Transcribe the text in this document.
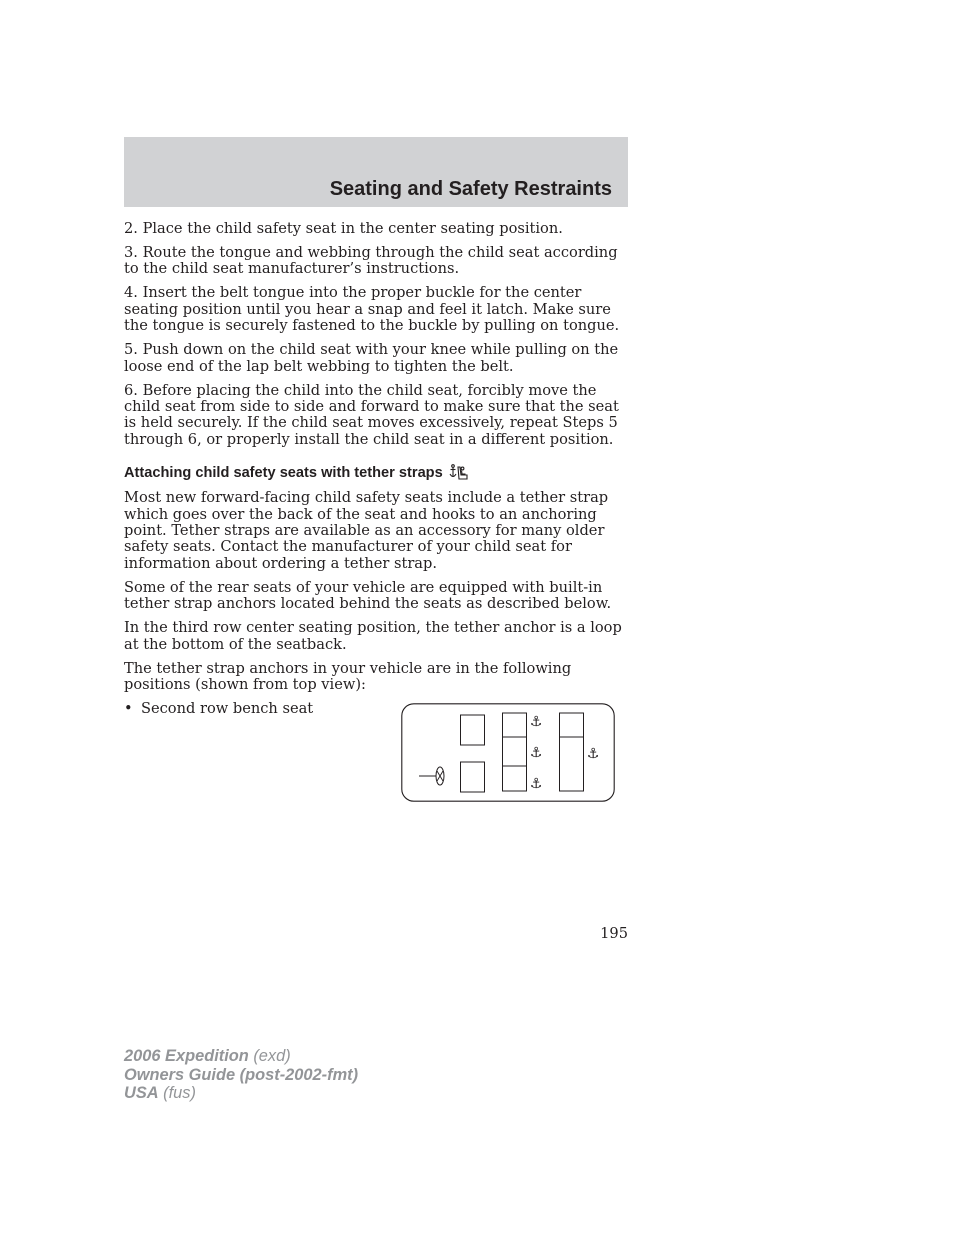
Seating and Safety Restraints

2. Place the child safety seat in the center seating position.

3. Route the tongue and webbing through the child seat according to the child seat manufacturer’s instructions.

4. Insert the belt tongue into the proper buckle for the center seating position until you hear a snap and feel it latch. Make sure the tongue is securely fastened to the buckle by pulling on tongue.

5. Push down on the child seat with your knee while pulling on the loose end of the lap belt webbing to tighten the belt.

6. Before placing the child into the child seat, forcibly move the child seat from side to side and forward to make sure that the seat is held securely. If the child seat moves excessively, repeat Steps 5 through 6, or properly install the child seat in a different position.

Attaching child safety seats with tether straps

Most new forward-facing child safety seats include a tether strap which goes over the back of the seat and hooks to an anchoring point. Tether straps are available as an accessory for many older safety seats. Contact the manufacturer of your child seat for information about ordering a tether strap.

Some of the rear seats of your vehicle are equipped with built-in tether strap anchors located behind the seats as described below.

In the third row center seating position, the tether anchor is a loop at the bottom of the seatback.

The tether strap anchors in your vehicle are in the following positions (shown from top view):

• Second row bench seat
⚓
⚓
⚓
⚓
195
2006 Expedition (exd)
Owners Guide (post-2002-fmt)
USA (fus)
